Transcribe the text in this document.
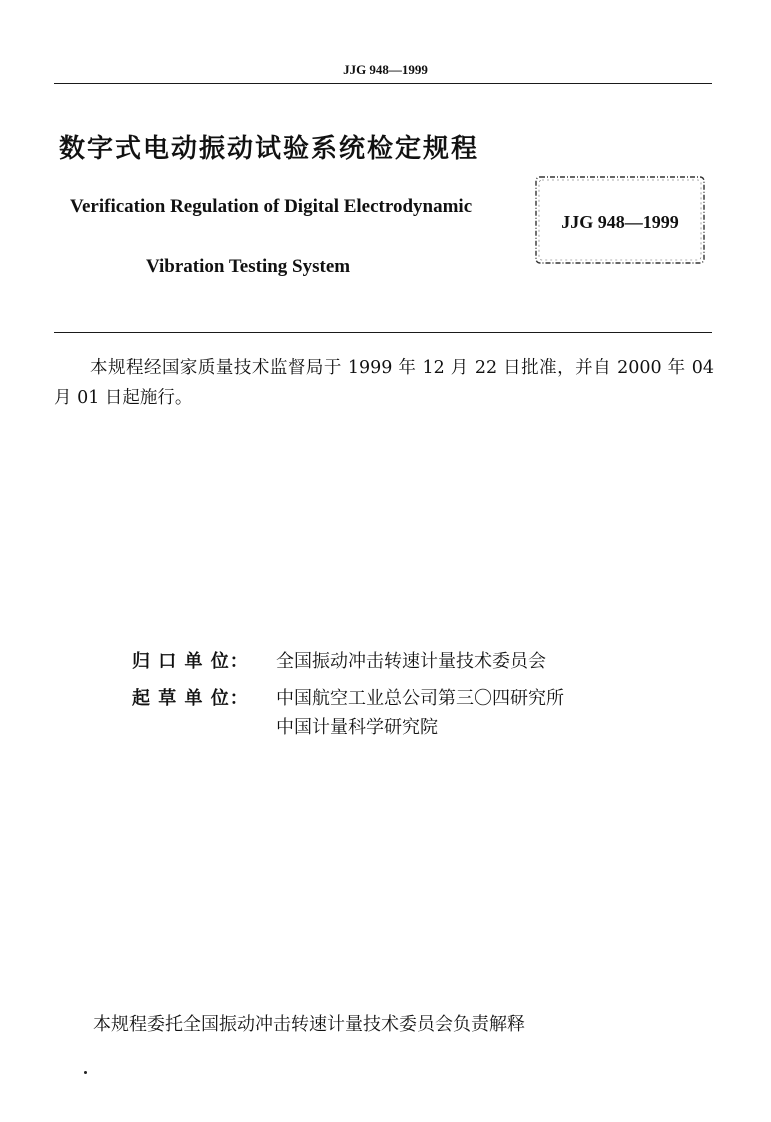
JJG 948—1999
数字式电动振动试验系统检定规程
Verification Regulation of Digital Electrodynamic
Vibration Testing System
JJG 948—1999
本规程经国家质量技术监督局于 1999 年 12 月 22 日批准，并自 2000 年 04 月 01 日起施行。
归 口 单 位： 全国振动冲击转速计量技术委员会
起 草 单 位： 中国航空工业总公司第三〇四研究所
中国计量科学研究院
本规程委托全国振动冲击转速计量技术委员会负责解释
